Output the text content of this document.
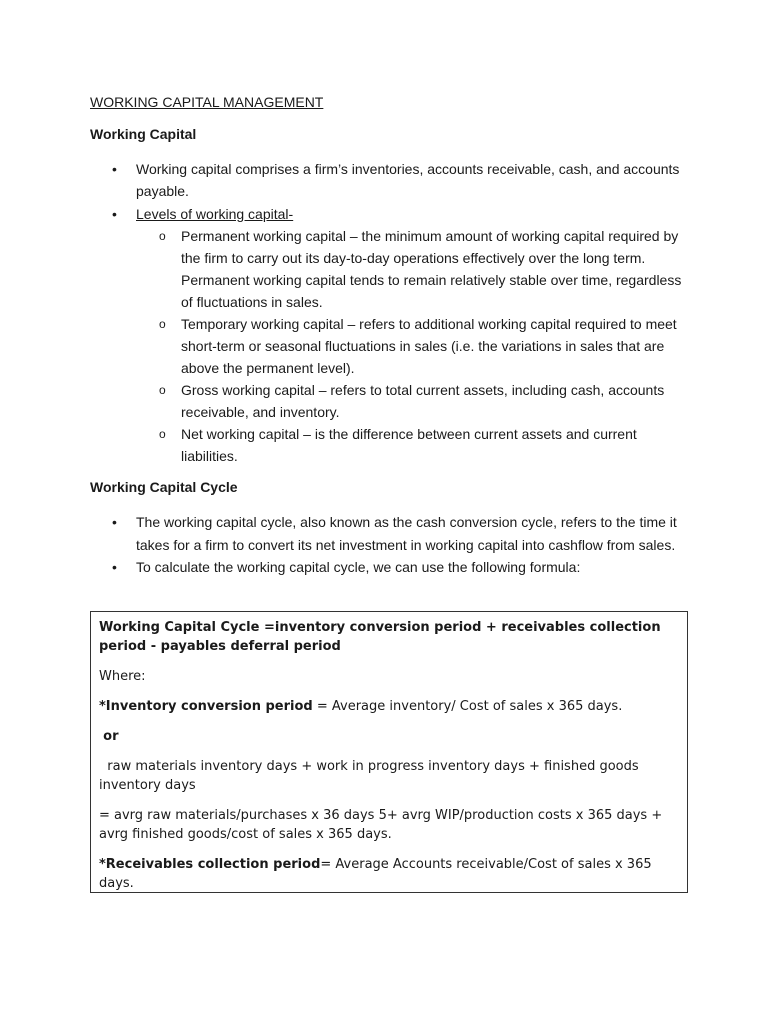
WORKING CAPITAL MANAGEMENT

Working Capital

• Working capital comprises a firm’s inventories, accounts receivable, cash, and accounts payable.
• Levels of working capital-
o Permanent working capital – the minimum amount of working capital required by the firm to carry out its day-to-day operations effectively over the long term. Permanent working capital tends to remain relatively stable over time, regardless of fluctuations in sales.
o Temporary working capital – refers to additional working capital required to meet short-term or seasonal fluctuations in sales (i.e. the variations in sales that are above the permanent level).
o Gross working capital – refers to total current assets, including cash, accounts receivable, and inventory.
o Net working capital – is the difference between current assets and current liabilities.

Working Capital Cycle

• The working capital cycle, also known as the cash conversion cycle, refers to the time it takes for a firm to convert its net investment in working capital into cashflow from sales.
• To calculate the working capital cycle, we can use the following formula:

Working Capital Cycle =inventory conversion period + receivables collection period - payables deferral period

Where:

*Inventory conversion period = Average inventory/ Cost of sales x 365 days.

or

raw materials inventory days + work in progress inventory days + finished goods inventory days

= avrg raw materials/purchases x 36 days 5+ avrg WIP/production costs x 365 days + avrg finished goods/cost of sales x 365 days.

*Receivables collection period= Average Accounts receivable/Cost of sales x 365 days.
